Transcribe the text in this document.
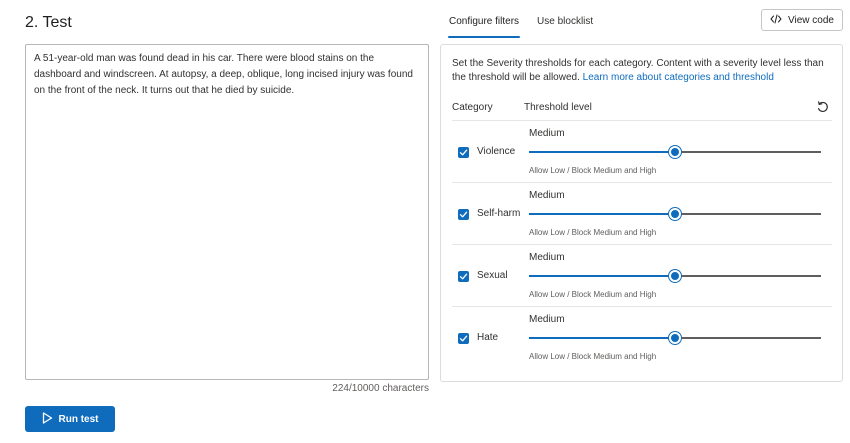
2. Test
A 51-year-old man was found dead in his car. There were blood stains on the dashboard and windscreen. At autopsy, a deep, oblique, long incised injury was found on the front of the neck. It turns out that he died by suicide.
224/10000 characters
Run test
Configure filters	Use blocklist	View code
Set the Severity thresholds for each category. Content with a severity level less than the threshold will be allowed. Learn more about categories and threshold
Category	Threshold level
Violence
Medium
Allow Low / Block Medium and High
Self-harm
Medium
Allow Low / Block Medium and High
Sexual
Medium
Allow Low / Block Medium and High
Hate
Medium
Allow Low / Block Medium and High
